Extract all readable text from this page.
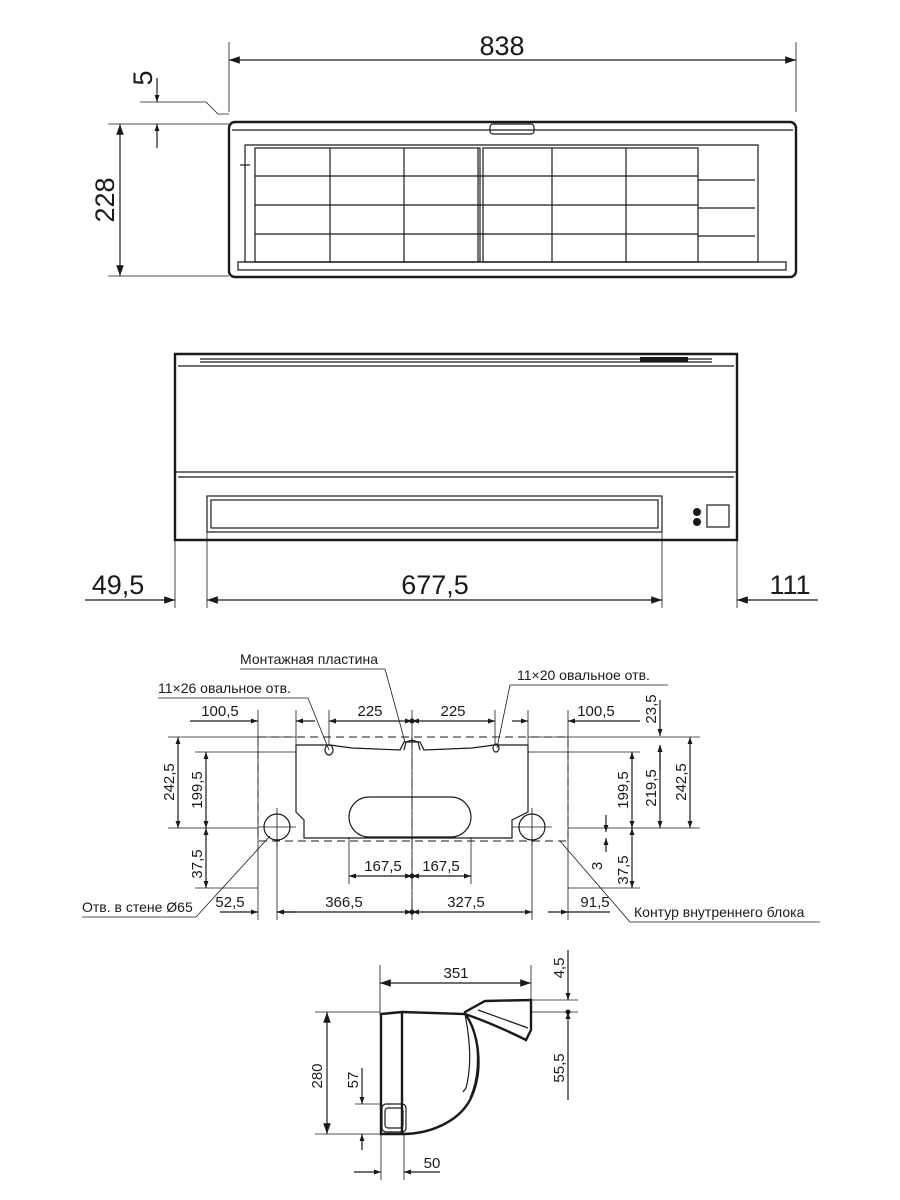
838
5
228
49,5	677,5	111
Монтажная пластина
11×26 овальное отв.
11×20 овальное отв.
100,5	225	225	100,5 23,5
242,5 199,5
37,5
199,5 219,5 242,5
37,5
3
167,5 167,5
52,5	366,5	327,5	91,5
Отв. в стене Ø65	Контур внутреннего блока
351
280 57
50
4,5
55,5
